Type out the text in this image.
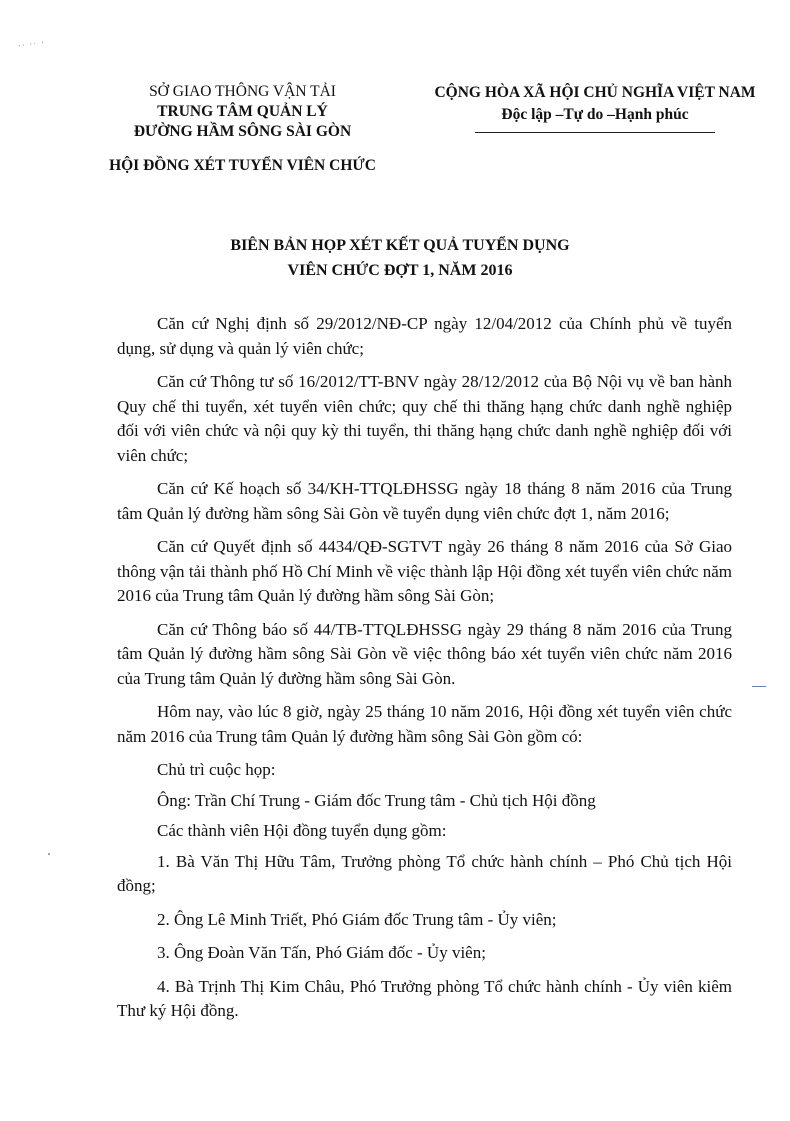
·· ·‧ ·
SỞ GIAO THÔNG VẬN TẢI
TRUNG TÂM QUẢN LÝ
ĐƯỜNG HẦM SÔNG SÀI GÒN
HỘI ĐỒNG XÉT TUYỂN VIÊN CHỨC
CỘNG HÒA XÃ HỘI CHỦ NGHĨA VIỆT NAM
Độc lập –Tự do –Hạnh phúc
BIÊN BẢN HỌP XÉT KẾT QUẢ TUYỂN DỤNG
VIÊN CHỨC ĐỢT 1, NĂM 2016

Căn cứ Nghị định số 29/2012/NĐ-CP ngày 12/04/2012 của Chính phủ về tuyển dụng, sử dụng và quản lý viên chức;

Căn cứ Thông tư số 16/2012/TT-BNV ngày 28/12/2012 của Bộ Nội vụ về ban hành Quy chế thi tuyển, xét tuyển viên chức; quy chế thi thăng hạng chức danh nghề nghiệp đối với viên chức và nội quy kỳ thi tuyển, thi thăng hạng chức danh nghề nghiệp đối với viên chức;

Căn cứ Kế hoạch số 34/KH-TTQLĐHSSG ngày 18 tháng 8 năm 2016 của Trung tâm Quản lý đường hầm sông Sài Gòn về tuyển dụng viên chức đợt 1, năm 2016;

Căn cứ Quyết định số 4434/QĐ-SGTVT ngày 26 tháng 8 năm 2016 của Sở Giao thông vận tải thành phố Hồ Chí Minh về việc thành lập Hội đồng xét tuyển viên chức năm 2016 của Trung tâm Quản lý đường hầm sông Sài Gòn;

Căn cứ Thông báo số 44/TB-TTQLĐHSSG ngày 29 tháng 8 năm 2016 của Trung tâm Quản lý đường hầm sông Sài Gòn về việc thông báo xét tuyển viên chức năm 2016 của Trung tâm Quản lý đường hầm sông Sài Gòn.

Hôm nay, vào lúc 8 giờ, ngày 25 tháng 10 năm 2016, Hội đồng xét tuyển viên chức năm 2016 của Trung tâm Quản lý đường hầm sông Sài Gòn gồm có:

Chủ trì cuộc họp:

Ông: Trần Chí Trung - Giám đốc Trung tâm - Chủ tịch Hội đồng

Các thành viên Hội đồng tuyển dụng gồm:

1. Bà Văn Thị Hữu Tâm, Trưởng phòng Tổ chức hành chính – Phó Chủ tịch Hội đồng;

2. Ông Lê Minh Triết, Phó Giám đốc Trung tâm - Ủy viên;

3. Ông Đoàn Văn Tấn, Phó Giám đốc - Ủy viên;

4. Bà Trịnh Thị Kim Châu, Phó Trưởng phòng Tổ chức hành chính - Ủy viên kiêm Thư ký Hội đồng.
